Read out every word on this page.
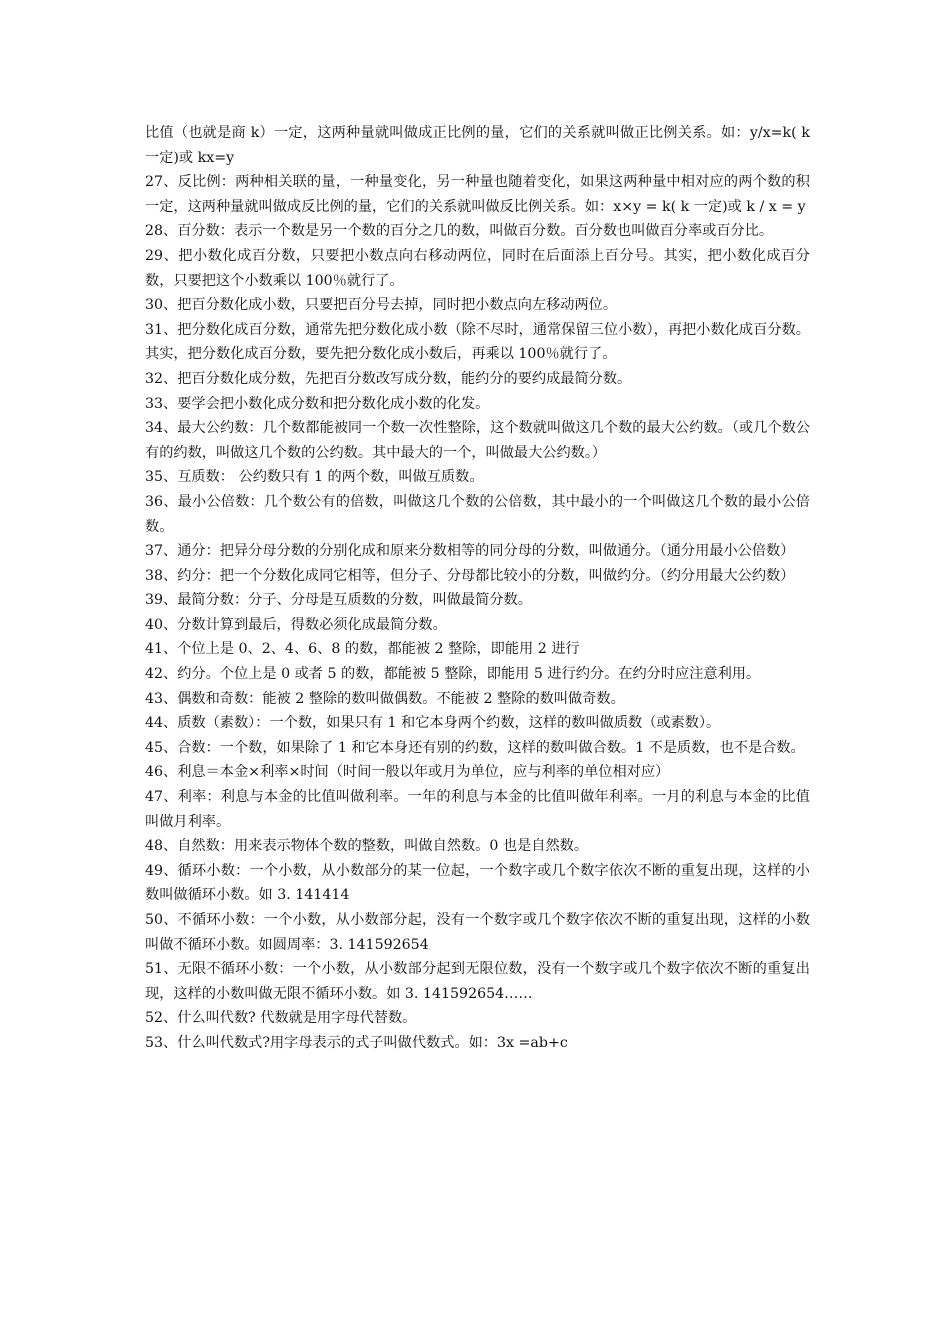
比值（也就是商 k）一定，这两种量就叫做成正比例的量，它们的关系就叫做正比例关系。如：y/x=k( k 一定)或 kx=y

27、反比例：两种相关联的量，一种量变化，另一种量也随着变化，如果这两种量中相对应的两个数的积一定，这两种量就叫做成反比例的量，它们的关系就叫做反比例关系。如：x×y = k( k 一定)或 k / x = y

28、百分数：表示一个数是另一个数的百分之几的数，叫做百分数。百分数也叫做百分率或百分比。

29、把小数化成百分数，只要把小数点向右移动两位，同时在后面添上百分号。其实，把小数化成百分数，只要把这个小数乘以 100％就行了。

30、把百分数化成小数，只要把百分号去掉，同时把小数点向左移动两位。

31、把分数化成百分数，通常先把分数化成小数（除不尽时，通常保留三位小数），再把小数化成百分数。其实，把分数化成百分数，要先把分数化成小数后，再乘以 100％就行了。

32、把百分数化成分数，先把百分数改写成分数，能约分的要约成最简分数。

33、要学会把小数化成分数和把分数化成小数的化发。

34、最大公约数：几个数都能被同一个数一次性整除，这个数就叫做这几个数的最大公约数。（或几个数公有的约数，叫做这几个数的公约数。其中最大的一个，叫做最大公约数。）

35、互质数： 公约数只有 1 的两个数，叫做互质数。

36、最小公倍数：几个数公有的倍数，叫做这几个数的公倍数，其中最小的一个叫做这几个数的最小公倍数。

37、通分：把异分母分数的分别化成和原来分数相等的同分母的分数，叫做通分。（通分用最小公倍数）

38、约分：把一个分数化成同它相等，但分子、分母都比较小的分数，叫做约分。（约分用最大公约数）

39、最简分数：分子、分母是互质数的分数，叫做最简分数。

40、分数计算到最后，得数必须化成最简分数。

41、个位上是 0、2、4、6、8 的数，都能被 2 整除，即能用 2 进行

42、约分。个位上是 0 或者 5 的数，都能被 5 整除，即能用 5 进行约分。在约分时应注意利用。

43、偶数和奇数：能被 2 整除的数叫做偶数。不能被 2 整除的数叫做奇数。

44、质数（素数）：一个数，如果只有 1 和它本身两个约数，这样的数叫做质数（或素数）。

45、合数：一个数，如果除了 1 和它本身还有别的约数，这样的数叫做合数。1 不是质数，也不是合数。

46、利息＝本金×利率×时间（时间一般以年或月为单位，应与利率的单位相对应）

47、利率：利息与本金的比值叫做利率。一年的利息与本金的比值叫做年利率。一月的利息与本金的比值叫做月利率。

48、自然数：用来表示物体个数的整数，叫做自然数。0 也是自然数。

49、循环小数：一个小数，从小数部分的某一位起，一个数字或几个数字依次不断的重复出现，这样的小数叫做循环小数。如 3. 141414

50、不循环小数：一个小数，从小数部分起，没有一个数字或几个数字依次不断的重复出现，这样的小数叫做不循环小数。如圆周率：3. 141592654

51、无限不循环小数：一个小数，从小数部分起到无限位数，没有一个数字或几个数字依次不断的重复出现，这样的小数叫做无限不循环小数。如 3. 141592654……

52、什么叫代数? 代数就是用字母代替数。

53、什么叫代数式?用字母表示的式子叫做代数式。如：3x =ab+c
